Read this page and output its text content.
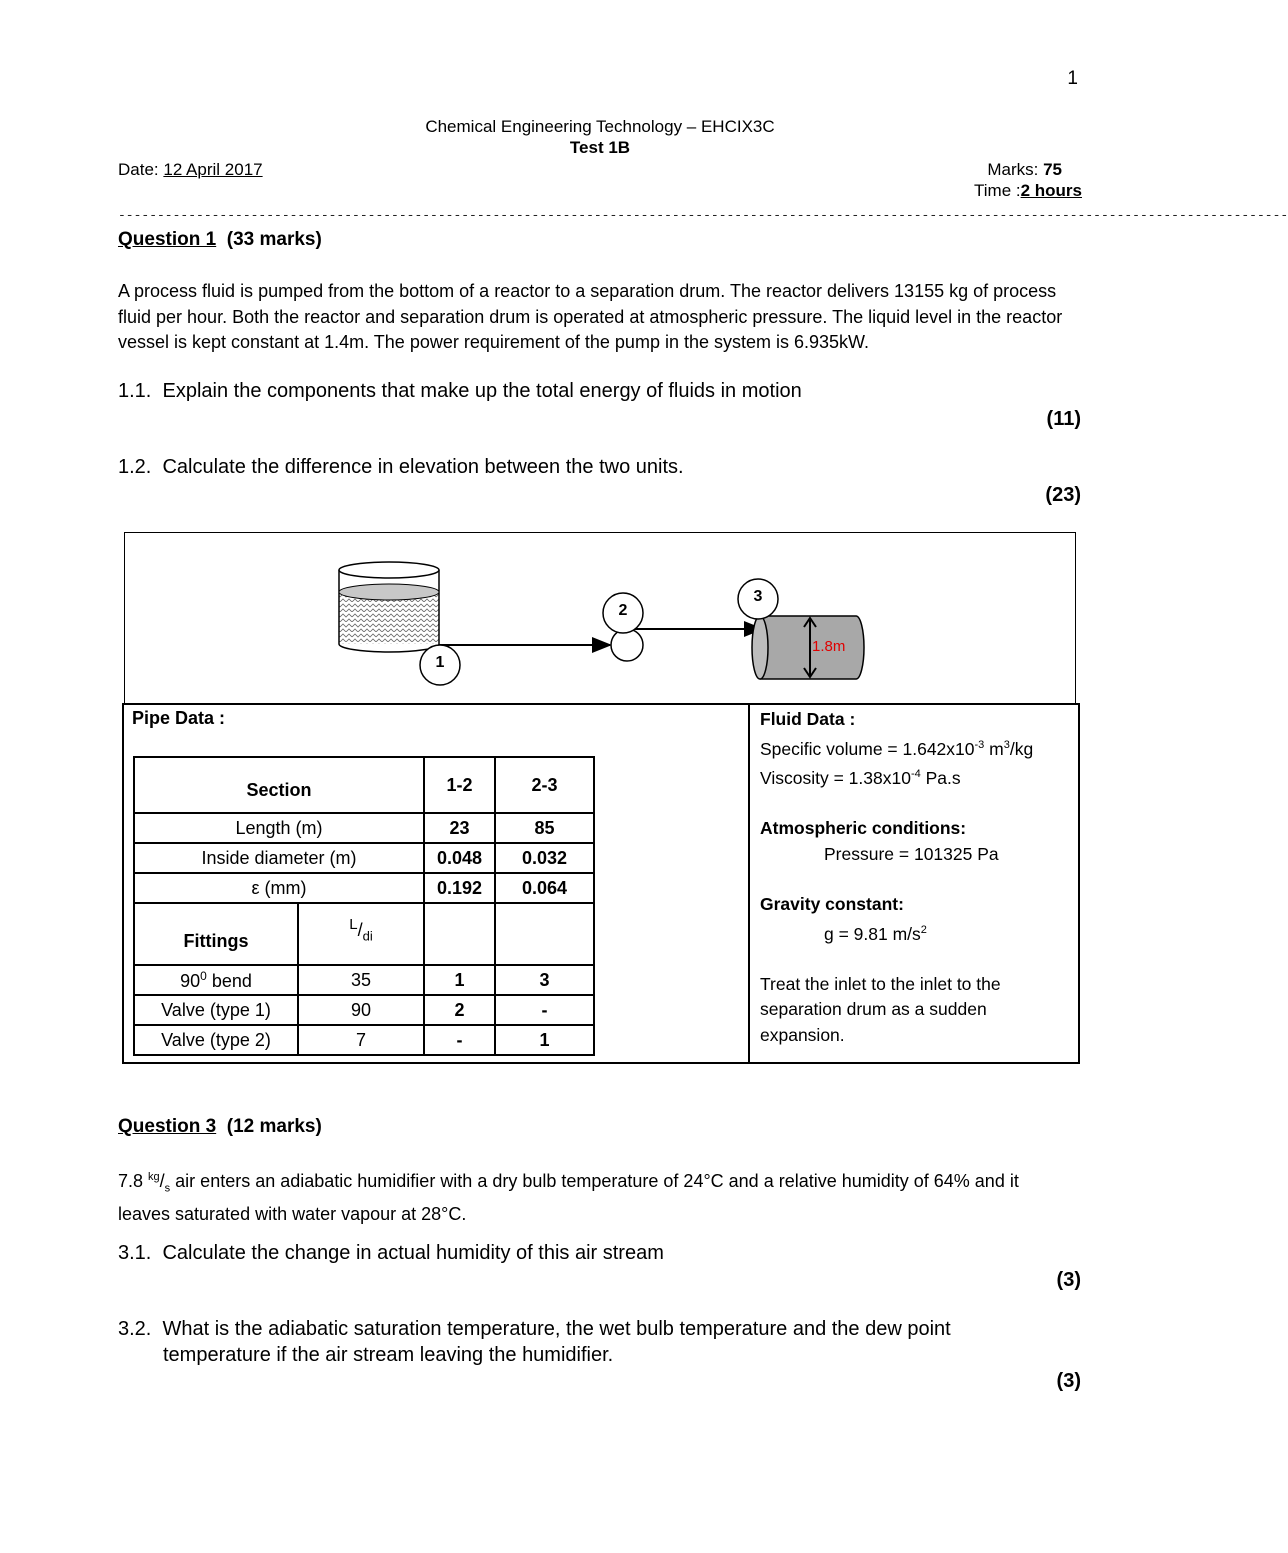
1
Chemical Engineering Technology – EHCIX3C
Test 1B
Date: 12 April 2017	Marks: 75
Time :2 hours
------------------------------------------------------------------------------------------------------------------------------------------------------
Question 1 (33 marks)
A process fluid is pumped from the bottom of a reactor to a separation drum. The reactor delivers 13155 kg of process fluid per hour. Both the reactor and separation drum is operated at atmospheric pressure. The liquid level in the reactor vessel is kept constant at 1.4m. The power requirement of the pump in the system is 6.935kW.
1.1. Explain the components that make up the total energy of fluids in motion
(11)
1.2. Calculate the difference in elevation between the two units.
(23)
1
2
3
1.8m
Pipe Data :
Section		1-2	2-3
Length (m)		23	85
Inside diameter (m)		0.048	0.032
ε (mm)		0.192	0.064
Fittings	$^L/_{di}$		
$90^0$ bend	35	1	3
Valve (type 1)	90	2	-
Valve (type 2)	7	-	1
Fluid Data :
Specific volume = $1.642x10^{-3}$ $m^3/kg$
Viscosity = $1.38x10^{-4}$ Pa.s
Atmospheric conditions:
Pressure = 101325 Pa
Gravity constant:
g = 9.81 $m/s^2$
Treat the inlet to the inlet to the separation drum as a sudden expansion.
Question 3 (12 marks)
7.8 $^{kg}/_s$ air enters an adiabatic humidifier with a dry bulb temperature of 24°C and a relative humidity of 64% and it leaves saturated with water vapour at 28°C.
3.1. Calculate the change in actual humidity of this air stream
(3)
3.2. What is the adiabatic saturation temperature, the wet bulb temperature and the dew point
temperature if the air stream leaving the humidifier.
(3)
